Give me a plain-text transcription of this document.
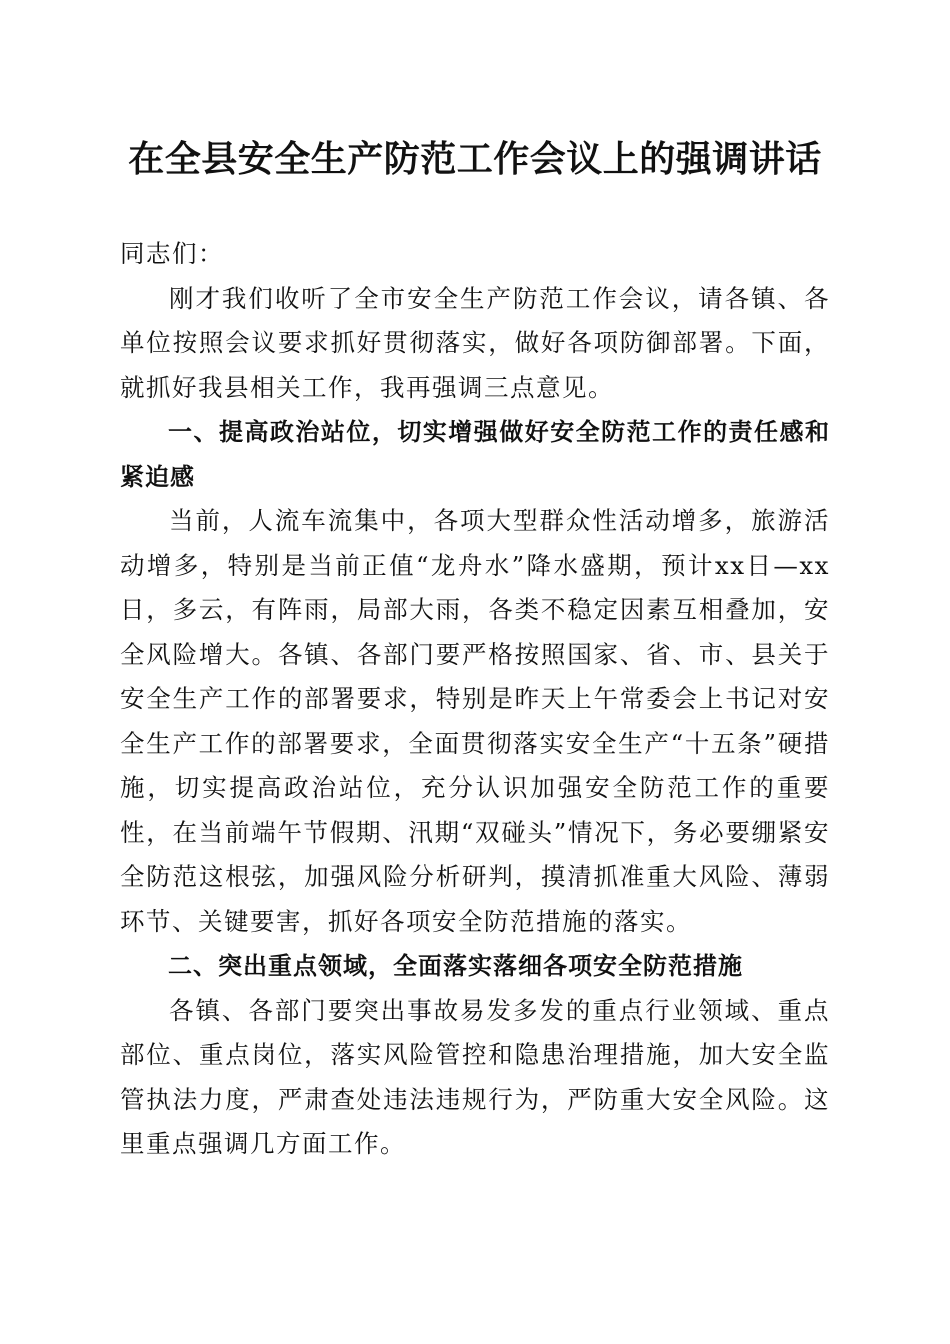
在全县安全生产防范工作会议上的强调讲话

同志们：

刚才我们收听了全市安全生产防范工作会议，请各镇、各单位按照会议要求抓好贯彻落实，做好各项防御部署。下面，就抓好我县相关工作，我再强调三点意见。

一、提高政治站位，切实增强做好安全防范工作的责任感和紧迫感

当前，人流车流集中，各项大型群众性活动增多，旅游活动增多，特别是当前正值“龙舟水”降水盛期，预计xx日—xx日，多云，有阵雨，局部大雨，各类不稳定因素互相叠加，安全风险增大。各镇、各部门要严格按照国家、省、市、县关于安全生产工作的部署要求，特别是昨天上午常委会上书记对安全生产工作的部署要求，全面贯彻落实安全生产“十五条”硬措施，切实提高政治站位，充分认识加强安全防范工作的重要性，在当前端午节假期、汛期“双碰头”情况下，务必要绷紧安全防范这根弦，加强风险分析研判，摸清抓准重大风险、薄弱环节、关键要害，抓好各项安全防范措施的落实。

二、突出重点领域，全面落实落细各项安全防范措施

各镇、各部门要突出事故易发多发的重点行业领域、重点部位、重点岗位，落实风险管控和隐患治理措施，加大安全监管执法力度，严肃查处违法违规行为，严防重大安全风险。这里重点强调几方面工作。
